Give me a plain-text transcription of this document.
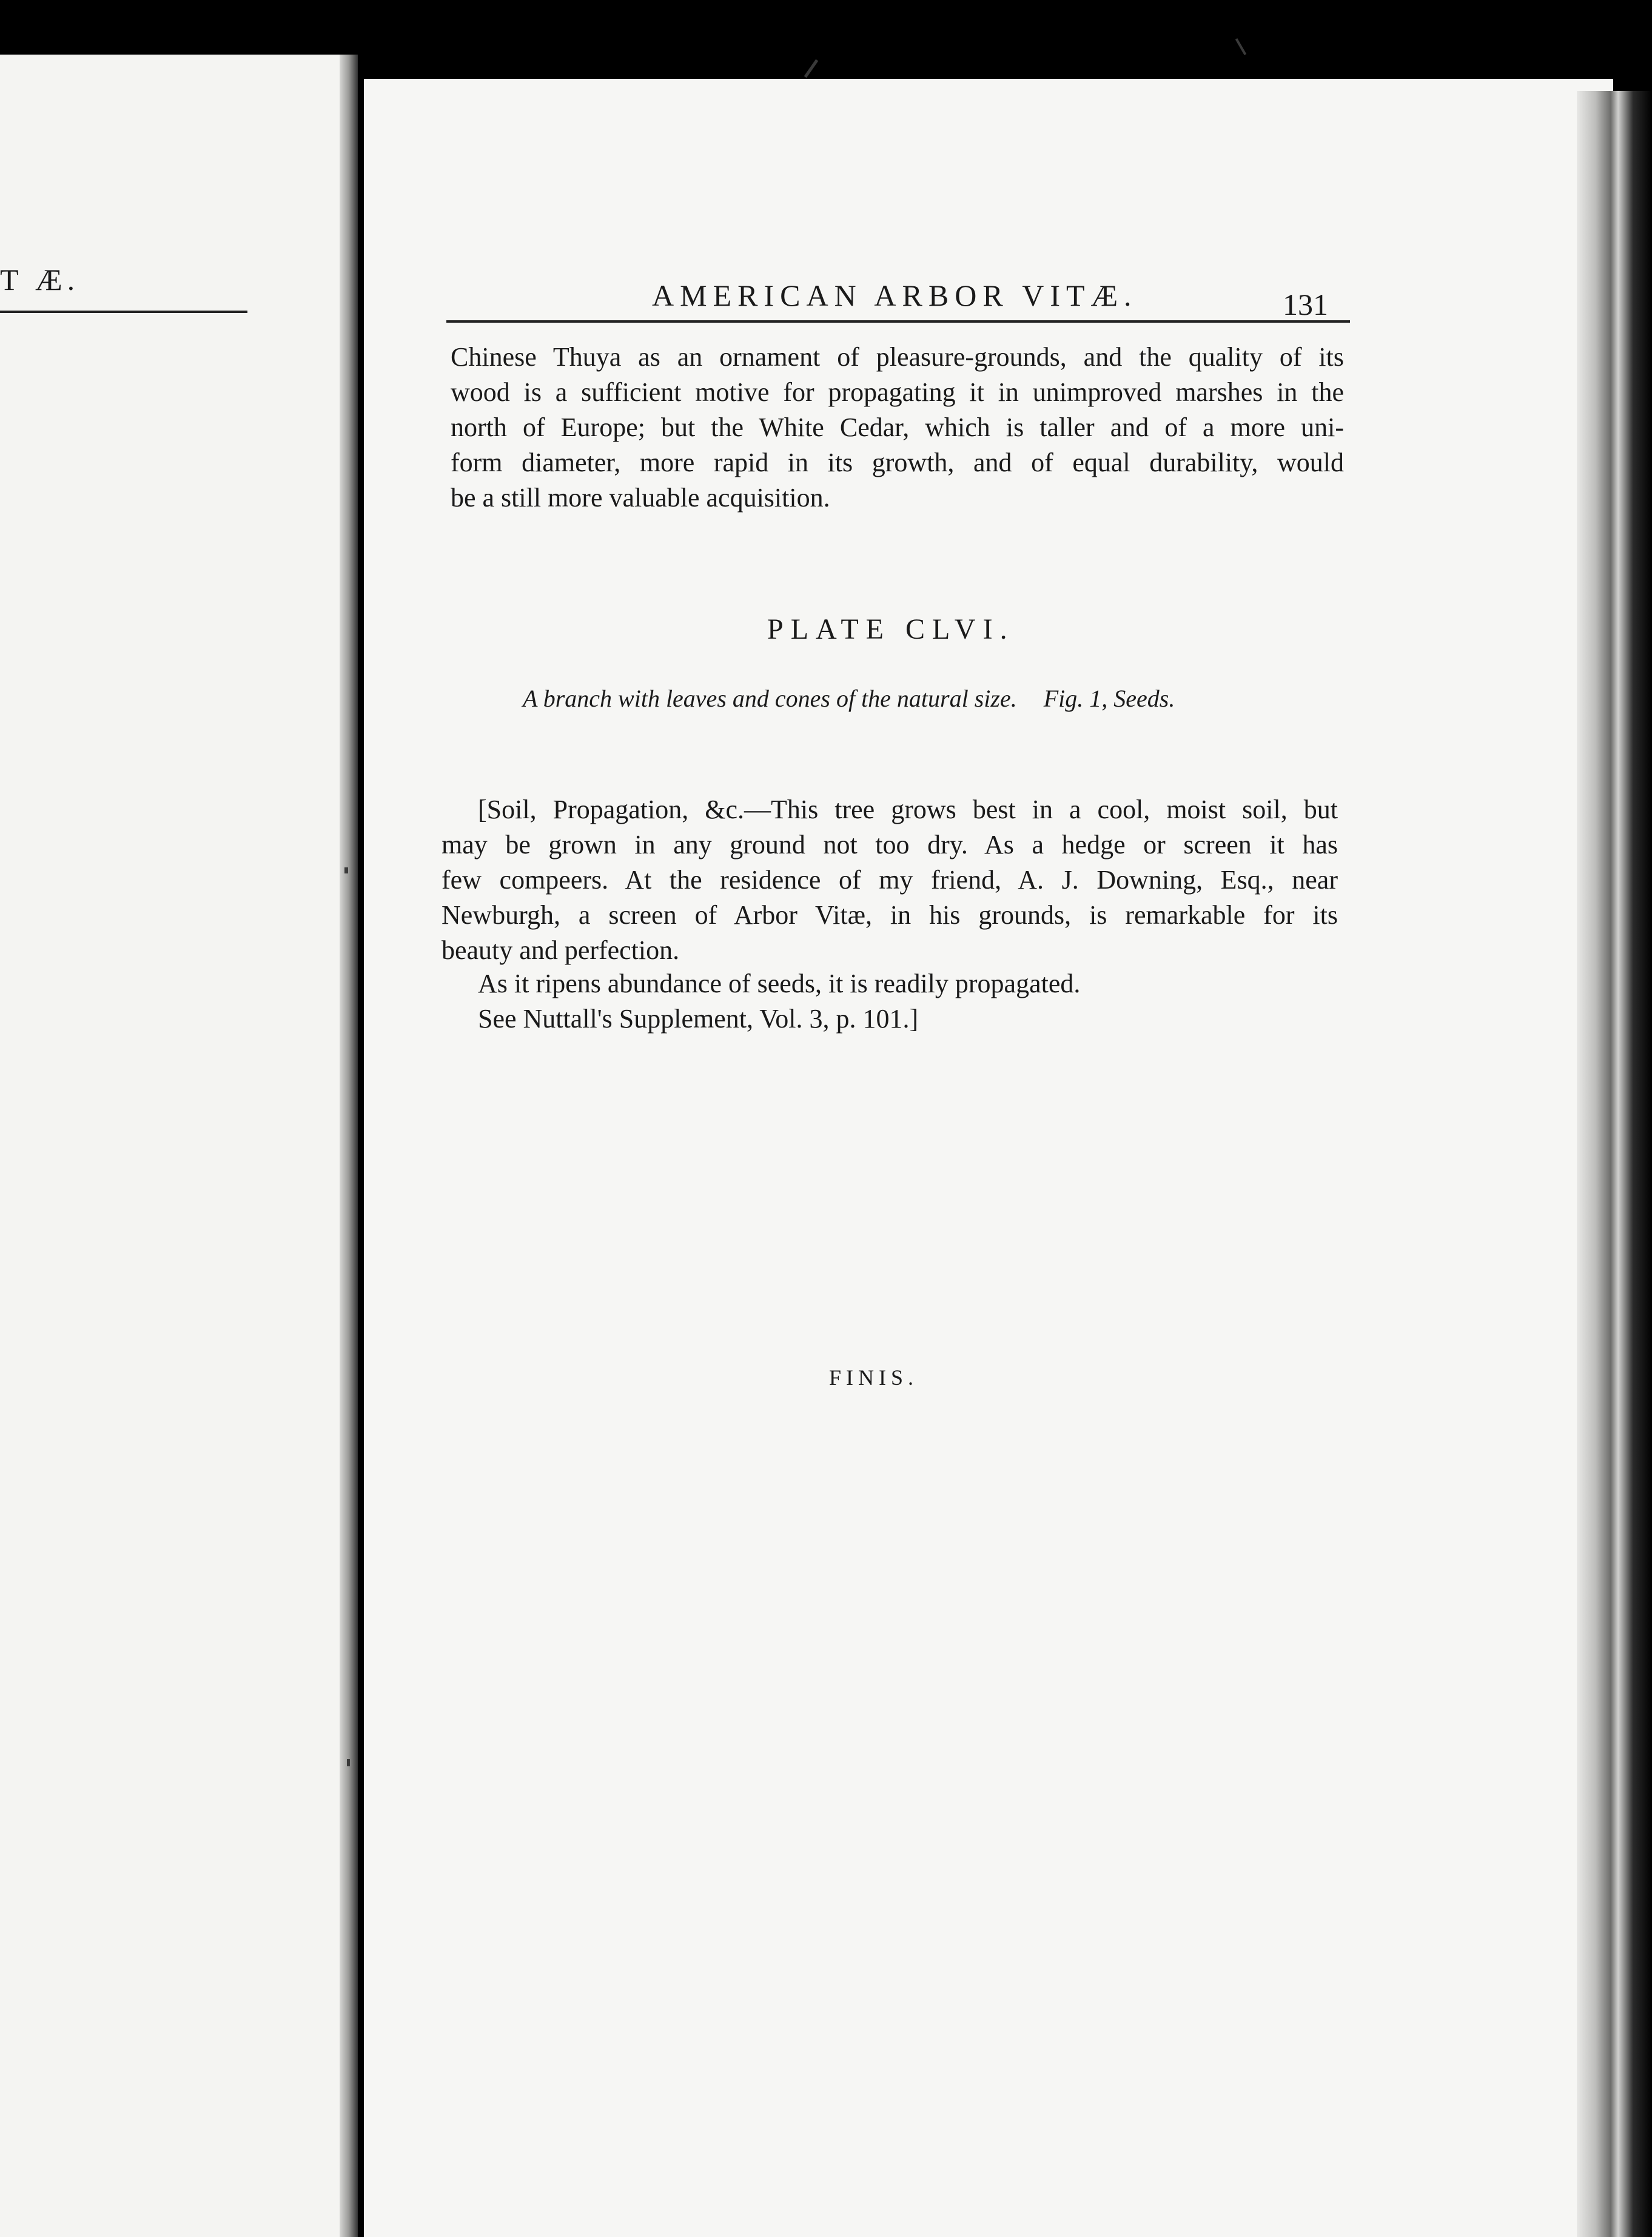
T Æ.

	AMERICAN ARBOR VITÆ.	131
Chinese Thuya as an ornament of pleasure-grounds, and the quality of its
wood is a sufficient motive for propagating it in unimproved marshes in the
north of Europe; but the White Cedar, which is taller and of a more uni-
form diameter, more rapid in its growth, and of equal durability, would
be a still more valuable acquisition.
PLATE CLVI.
A branch with leaves and cones of the natural size. Fig. 1, Seeds.
[Soil, Propagation, &c.—This tree grows best in a cool, moist soil, but
may be grown in any ground not too dry. As a hedge or screen it has
few compeers. At the residence of my friend, A. J. Downing, Esq., near
Newburgh, a screen of Arbor Vitæ, in his grounds, is remarkable for its
beauty and perfection.
As it ripens abundance of seeds, it is readily propagated.
See Nuttall's Supplement, Vol. 3, p. 101.]
FINIS.
